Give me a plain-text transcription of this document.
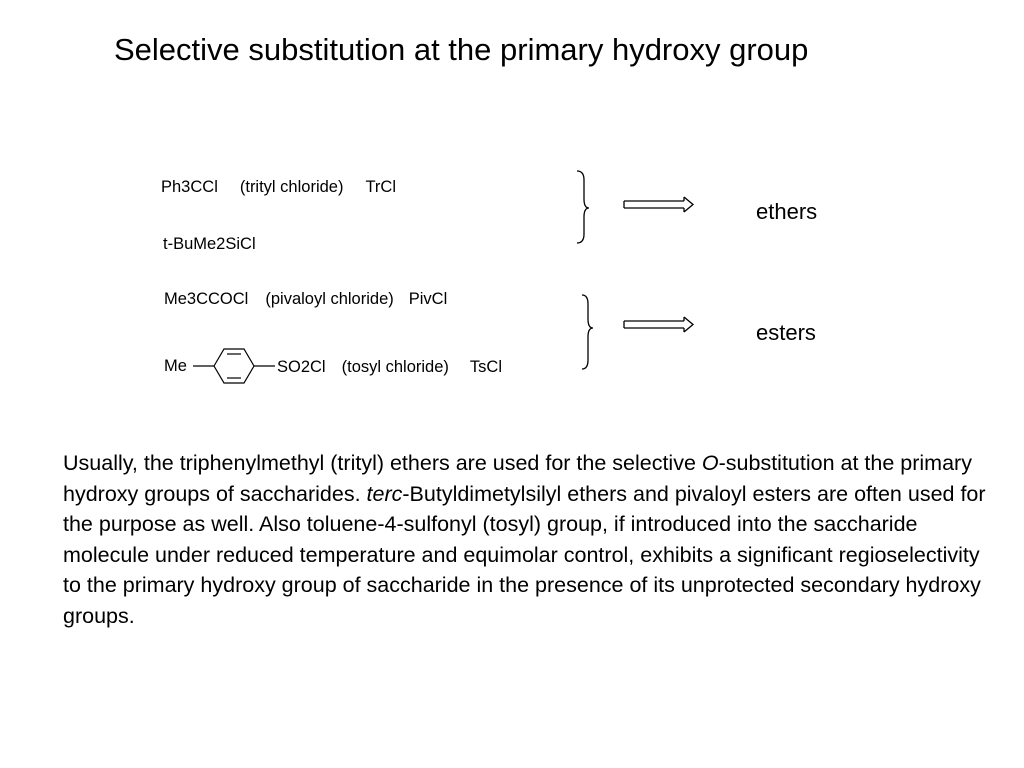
Selective substitution at the primary hydroxy group
Ph3CCl (trityl chloride) TrCl
t-BuMe2SiCl
Me3CCOCl (pivaloyl chloride) PivCl
Me	SO2Cl (tosyl chloride) TsCl
ethers
esters

Usually, the triphenylmethyl (trityl) ethers are used for the selective O-substitution at the primary hydroxy groups of saccharides. terc-Butyldimetylsilyl ethers and pivaloyl esters are often used for the purpose as well. Also toluene-4-sulfonyl (tosyl) group, if introduced into the saccharide molecule under reduced temperature and equimolar control, exhibits a significant regioselectivity to the primary hydroxy group of saccharide in the presence of its unprotected secondary hydroxy groups.
